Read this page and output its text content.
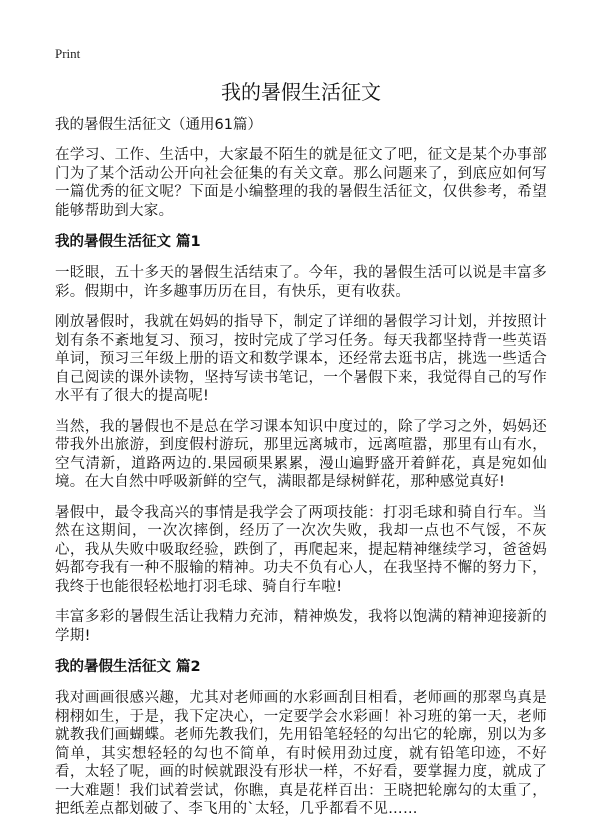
Print
我的暑假生活征文
我的暑假生活征文（通用61篇）

在学习、工作、生活中，大家最不陌生的就是征文了吧，征文是某个办事部门为了某个活动公开向社会征集的有关文章。那么问题来了，到底应如何写一篇优秀的征文呢？下面是小编整理的我的暑假生活征文，仅供参考，希望能够帮助到大家。

我的暑假生活征文 篇1

一眨眼，五十多天的暑假生活结束了。今年，我的暑假生活可以说是丰富多彩。假期中，许多趣事历历在目，有快乐，更有收获。

刚放暑假时，我就在妈妈的指导下，制定了详细的暑假学习计划，并按照计划有条不紊地复习、预习，按时完成了学习任务。每天我都坚持背一些英语单词，预习三年级上册的语文和数学课本，还经常去逛书店，挑选一些适合自己阅读的课外读物，坚持写读书笔记，一个暑假下来，我觉得自己的写作水平有了很大的提高呢!

当然，我的暑假也不是总在学习课本知识中度过的，除了学习之外，妈妈还带我外出旅游，到度假村游玩，那里远离城市，远离喧嚣，那里有山有水，空气清新，道路两边的.果园硕果累累，漫山遍野盛开着鲜花，真是宛如仙境。在大自然中呼吸新鲜的空气，满眼都是绿树鲜花，那种感觉真好!

暑假中，最令我高兴的事情是我学会了两项技能：打羽毛球和骑自行车。当然在这期间，一次次摔倒，经历了一次次失败，我却一点也不气馁，不灰心，我从失败中吸取经验，跌倒了，再爬起来，提起精神继续学习，爸爸妈妈都夸我有一种不服输的精神。功夫不负有心人，在我坚持不懈的努力下，我终于也能很轻松地打羽毛球、骑自行车啦!

丰富多彩的暑假生活让我精力充沛，精神焕发，我将以饱满的精神迎接新的学期!

我的暑假生活征文 篇2

我对画画很感兴趣，尤其对老师画的水彩画刮目相看，老师画的那翠鸟真是栩栩如生，于是，我下定决心，一定要学会水彩画！补习班的第一天，老师就教我们画蝴蝶。老师先教我们，先用铅笔轻轻的勾出它的轮廓，别以为多简单，其实想轻轻的勾也不简单，有时候用劲过度，就有铅笔印迹，不好看，太轻了呢，画的时候就跟没有形状一样，不好看，要掌握力度，就成了一大难题！我们试着尝试，你瞧，真是花样百出：王晓把轮廓勾的太重了，把纸差点都划破了、李飞用的`太轻，几乎都看不见……
